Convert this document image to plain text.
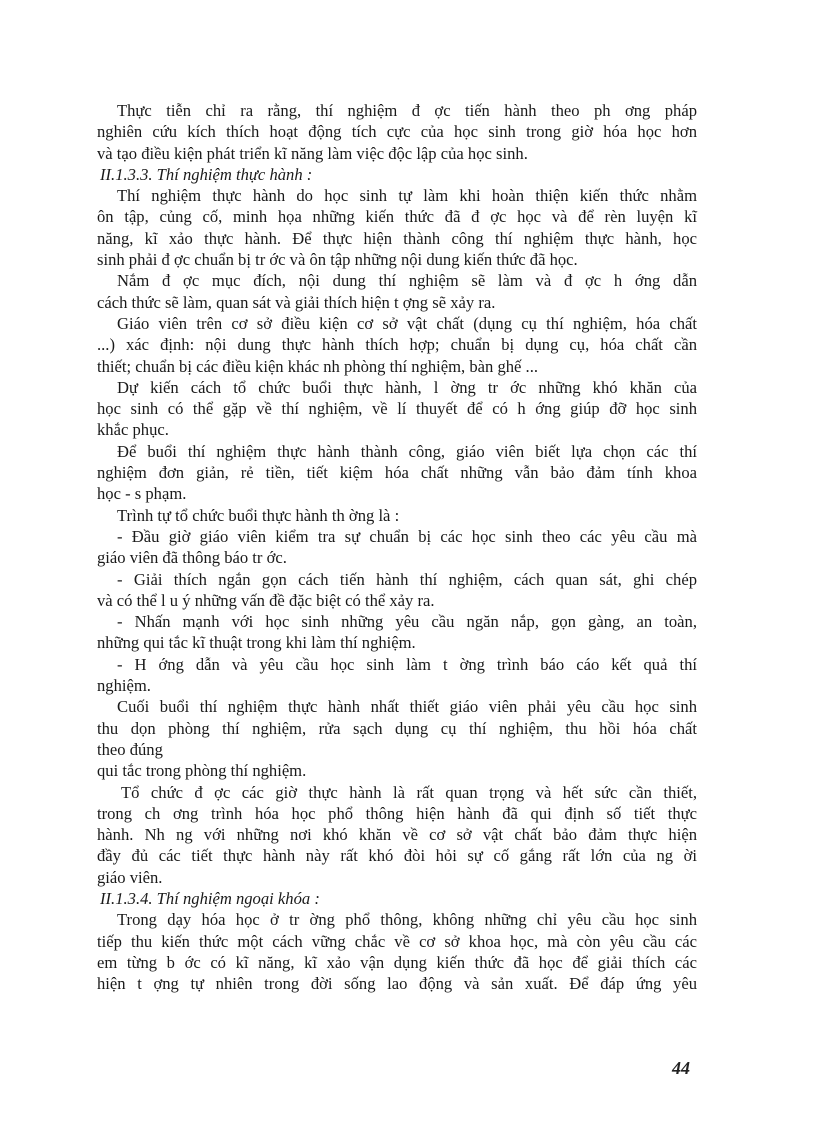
Thực tiễn chỉ ra rằng, thí nghiệm đ ợc tiến hành theo ph ơng pháp
nghiên cứu kích thích hoạt động tích cực của học sinh trong giờ hóa học hơn
và tạo điều kiện phát triển kĩ năng làm việc độc lập của học sinh.
II.1.3.3. Thí nghiệm thực hành :
Thí nghiệm thực hành do học sinh tự làm khi hoàn thiện kiến thức nhằm
ôn tập, củng cố, minh họa những kiến thức đã đ ợc học và để rèn luyện kĩ
năng, kĩ xảo thực hành. Để thực hiện thành công thí nghiệm thực hành, học
sinh phải đ ợc chuẩn bị tr ớc và ôn tập những nội dung kiến thức đã học.
Nắm đ ợc mục đích, nội dung thí nghiệm sẽ làm và đ ợc h ớng dẫn
cách thức sẽ làm, quan sát và giải thích hiện t ợng sẽ xảy ra.
Giáo viên trên cơ sở điều kiện cơ sở vật chất (dụng cụ thí nghiệm, hóa chất
...) xác định: nội dung thực hành thích hợp; chuẩn bị dụng cụ, hóa chất cần
thiết; chuẩn bị các điều kiện khác nh phòng thí nghiệm, bàn ghế ...
Dự kiến cách tổ chức buổi thực hành, l ờng tr ớc những khó khăn của
học sinh có thể gặp về thí nghiệm, về lí thuyết để có h ớng giúp đỡ học sinh
khắc phục.
Để buổi thí nghiệm thực hành thành công, giáo viên biết lựa chọn các thí
nghiệm đơn giản, rẻ tiền, tiết kiệm hóa chất những vẫn bảo đảm tính khoa
học - s phạm.
Trình tự tổ chức buổi thực hành th ờng là :
- Đầu giờ giáo viên kiểm tra sự chuẩn bị các học sinh theo các yêu cầu mà
giáo viên đã thông báo tr ớc.
- Giải thích ngắn gọn cách tiến hành thí nghiệm, cách quan sát, ghi chép
và có thể l u ý những vấn đề đặc biệt có thể xảy ra.
- Nhấn mạnh với học sinh những yêu cầu ngăn nắp, gọn gàng, an toàn,
những qui tắc kĩ thuật trong khi làm thí nghiệm.
- H ớng dẫn và yêu cầu học sinh làm t ờng trình báo cáo kết quả thí
nghiệm.
Cuối buổi thí nghiệm thực hành nhất thiết giáo viên phải yêu cầu học sinh
thu dọn phòng thí nghiệm, rửa sạch dụng cụ thí nghiệm, thu hồi hóa chất
theo đúng
qui tắc trong phòng thí nghiệm.
Tổ chức đ ợc các giờ thực hành là rất quan trọng và hết sức cần thiết,
trong ch ơng trình hóa học phổ thông hiện hành đã qui định số tiết thực
hành. Nh ng với những nơi khó khăn về cơ sở vật chất bảo đảm thực hiện
đầy đủ các tiết thực hành này rất khó đòi hỏi sự cố gắng rất lớn của ng ời
giáo viên.
II.1.3.4. Thí nghiệm ngoại khóa :
Trong dạy hóa học ở tr ờng phổ thông, không những chỉ yêu cầu học sinh
tiếp thu kiến thức một cách vững chắc về cơ sở khoa học, mà còn yêu cầu các
em từng b ớc có kĩ năng, kĩ xảo vận dụng kiến thức đã học để giải thích các
hiện t ợng tự nhiên trong đời sống lao động và sản xuất. Để đáp ứng yêu
44
